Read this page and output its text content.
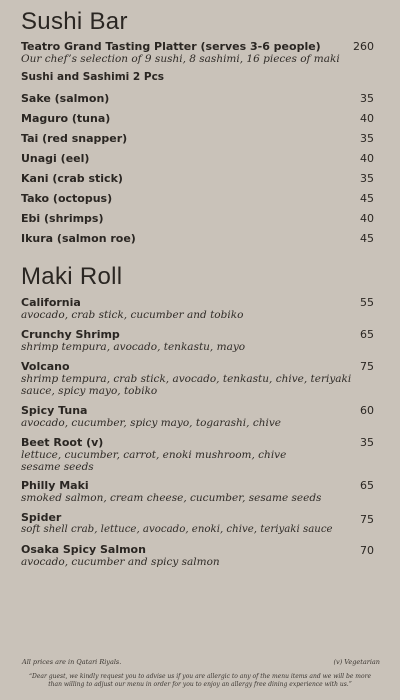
Sushi Bar
Teatro Grand Tasting Platter (serves 3-6 people)	260
Our chef’s selection of 9 sushi, 8 sashimi, 16 pieces of maki
Sushi and Sashimi 2 Pcs
Sake (salmon)	35
Maguro (tuna)	40
Tai (red snapper)	35
Unagi (eel)	40
Kani (crab stick)	35
Tako (octopus)	45
Ebi (shrimps)	40
Ikura (salmon roe)	45
Maki Roll
California	55
avocado, crab stick, cucumber and tobiko
Crunchy Shrimp	65
shrimp tempura, avocado, tenkastu, mayo
Volcano	75
shrimp tempura, crab stick, avocado, tenkastu, chive, teriyaki sauce, spicy mayo, tobiko
Spicy Tuna	60
avocado, cucumber, spicy mayo, togarashi, chive
Beet Root (v)	35
lettuce, cucumber, carrot, enoki mushroom, chive sesame seeds
Philly Maki	65
smoked salmon, cream cheese, cucumber, sesame seeds
Spider	75
soft shell crab, lettuce, avocado, enoki, chive, teriyaki sauce
Osaka Spicy Salmon	70
avocado, cucumber and spicy salmon
All prices are in Qatari Riyals.	(v) Vegetarian
“Dear guest, we kindly request you to advise us if you are allergic to any of the menu items and we will be more than willing to adjust our menu in order for you to enjoy an allergy free dining experience with us.”
